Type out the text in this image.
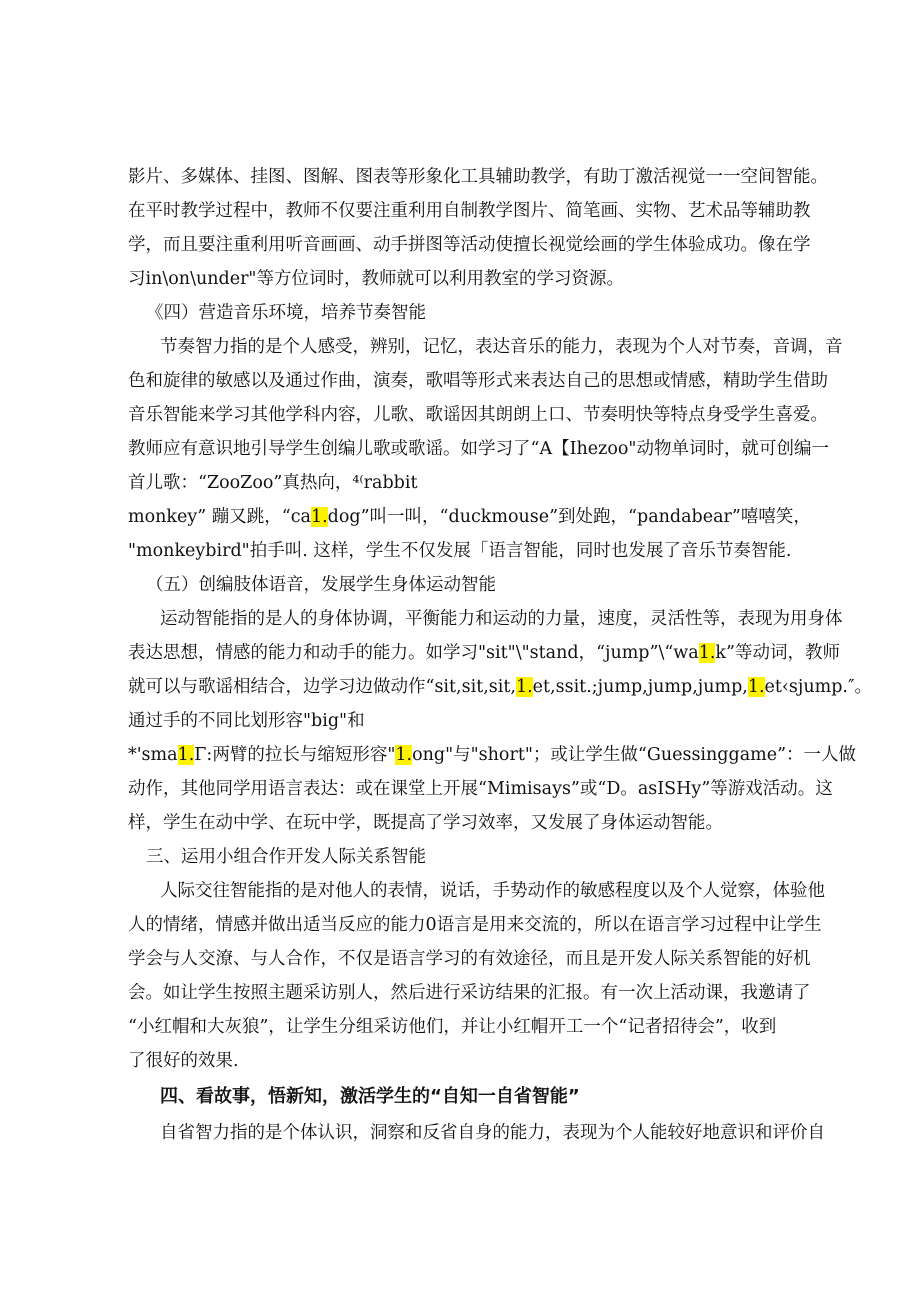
影片、多媒体、挂图、图解、图表等形象化工具辅助教学，有助丁激活视觉一一空间智能。
在平时教学过程中，教师不仅要注重利用自制教学图片、简笔画、实物、艺术品等辅助教
学，而且要注重利用听音画画、动手拼图等活动使擅长视觉绘画的学生体验成功。像在学
习in\on\under"等方位词时，教师就可以利用教室的学习资源。
《四）营造音乐环境，培养节奏智能
节奏智力指的是个人感受，辨别，记忆，表达音乐的能力，表现为个人对节奏，音调，音
色和旋律的敏感以及通过作曲，演奏，歌唱等形式来表达自己的思想或情感，精助学生借助
音乐智能来学习其他学科内容，儿歌、歌谣因其朗朗上口、节奏明快等特点身受学生喜爱。
教师应有意识地引导学生创编儿歌或歌谣。如学习了“A【Ihezoo"动物单词时，就可创编一
首儿歌：“ZooZoo”真热向，⁴⁽rabbit
monkey” 蹦又跳，“ca1.dog”叫一叫，“duckmouse”到处跑，“pandabear”嘻嘻笑，
"monkeybird"拍手叫. 这样，学生不仅发展「语言智能，同时也发展了音乐节奏智能.
（五）创编肢体语音，发展学生身体运动智能
运动智能指的是人的身体协调，平衡能力和运动的力量，速度，灵活性等，表现为用身体
表达思想，情感的能力和动手的能力。如学习"sit"\"stand，“jump”\“wa1.k”等动词，教师
就可以与歌谣相结合，边学习边做动作“sit,sit,sit,1.et,ssit.;jump,jump,jump,1.et‹sjump.″。
通过手的不同比划形容"big"和
*'sma1.Γ:两臂的拉长与缩短形容"1.ong"与"short"；或让学生做“Guessinggame”：一人做
动作，其他同学用语言表达：或在课堂上开展“Mimisays”或“D。asISHy”等游戏活动。这
样，学生在动中学、在玩中学，既提高了学习效率，又发展了身体运动智能。
三、运用小组合作开发人际关系智能
人际交往智能指的是对他人的表情，说话，手势动作的敏感程度以及个人觉察，体验他
人的情绪，情感并做出适当反应的能力0语言是用来交流的，所以在语言学习过程中让学生
学会与人交潦、与人合作，不仅是语言学习的有效途径，而且是开发人际关系智能的好机
会。如让学生按照主题采访别人，然后进行采访结果的汇报。有一次上活动课，我邀请了
“小红帽和大灰狼”，让学生分组采访他们，并让小红帽开工一个“记者招待会”，收到
了很好的效果.
四、看故事，悟新知，激活学生的“自知一自省智能”
自省智力指的是个体认识，洞察和反省自身的能力，表现为个人能较好地意识和评价自
